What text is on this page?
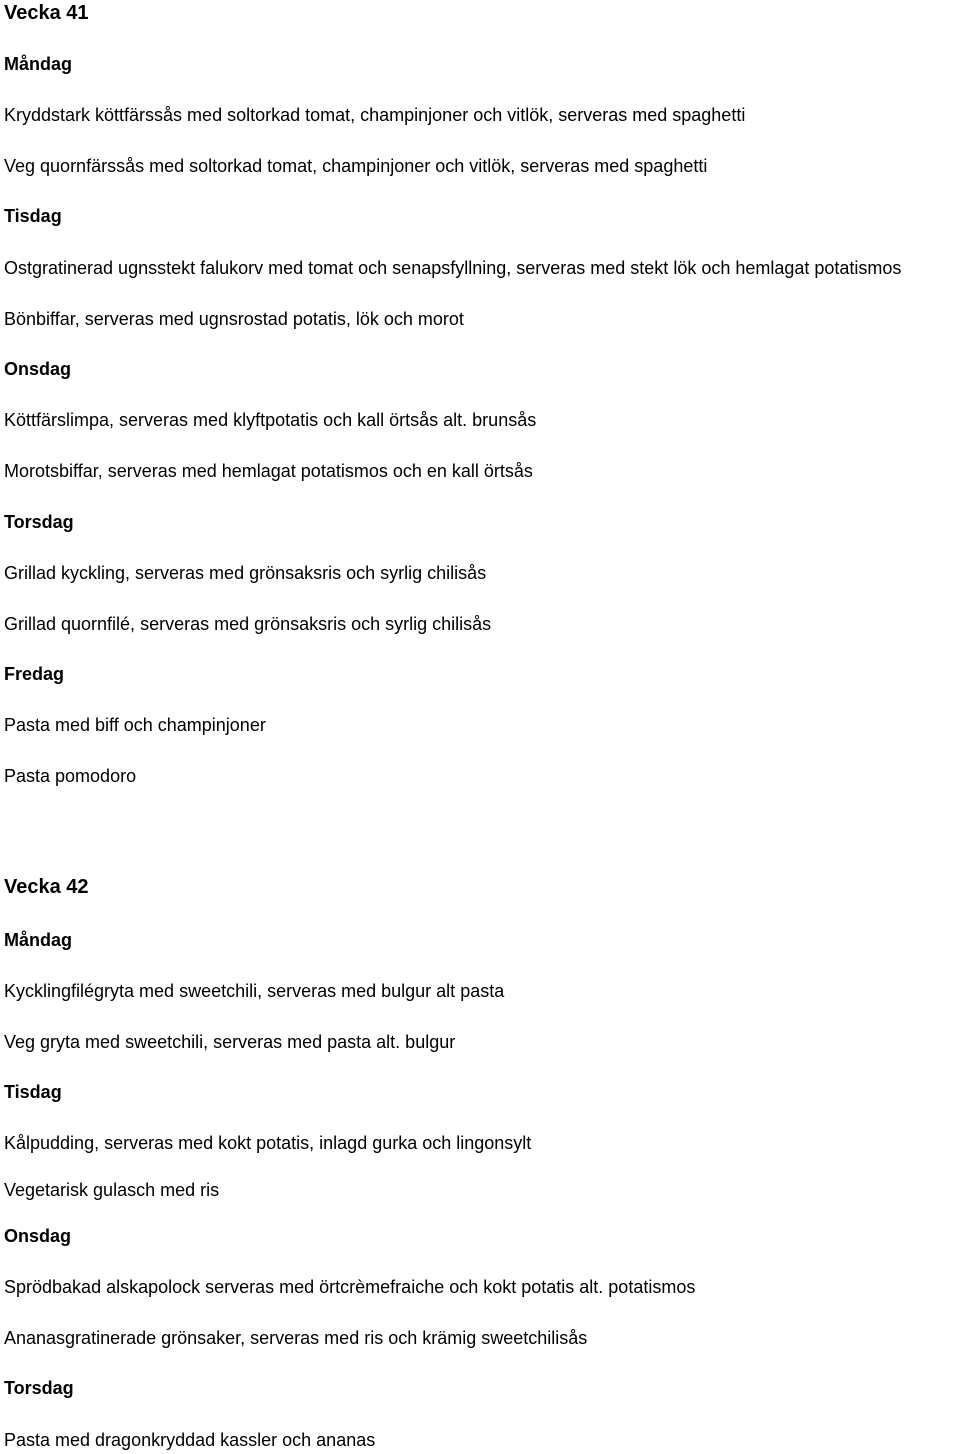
Vecka 41
Måndag
Kryddstark köttfärssås med soltorkad tomat, champinjoner och vitlök, serveras med spaghetti
Veg quornfärssås med soltorkad tomat, champinjoner och vitlök, serveras med spaghetti
Tisdag
Ostgratinerad ugnsstekt falukorv med tomat och senapsfyllning, serveras med stekt lök och hemlagat potatismos
Bönbiffar, serveras med ugnsrostad potatis, lök och morot
Onsdag
Köttfärslimpa, serveras med klyftpotatis och kall örtsås alt. brunsås
Morotsbiffar, serveras med hemlagat potatismos och en kall örtsås
Torsdag
Grillad kyckling, serveras med grönsaksris och syrlig chilisås
Grillad quornfilé, serveras med grönsaksris och syrlig chilisås
Fredag
Pasta med biff och champinjoner
Pasta pomodoro
Vecka 42
Måndag
Kycklingfilégryta med sweetchili, serveras med bulgur alt pasta
Veg gryta med sweetchili, serveras med pasta alt. bulgur
Tisdag
Kålpudding, serveras med kokt potatis, inlagd gurka och lingonsylt
Vegetarisk gulasch med ris
Onsdag
Sprödbakad alskapolock serveras med örtcrèmefraiche och kokt potatis alt. potatismos
Ananasgratinerade grönsaker, serveras med ris och krämig sweetchilisås
Torsdag
Pasta med dragonkryddad kassler och ananas
